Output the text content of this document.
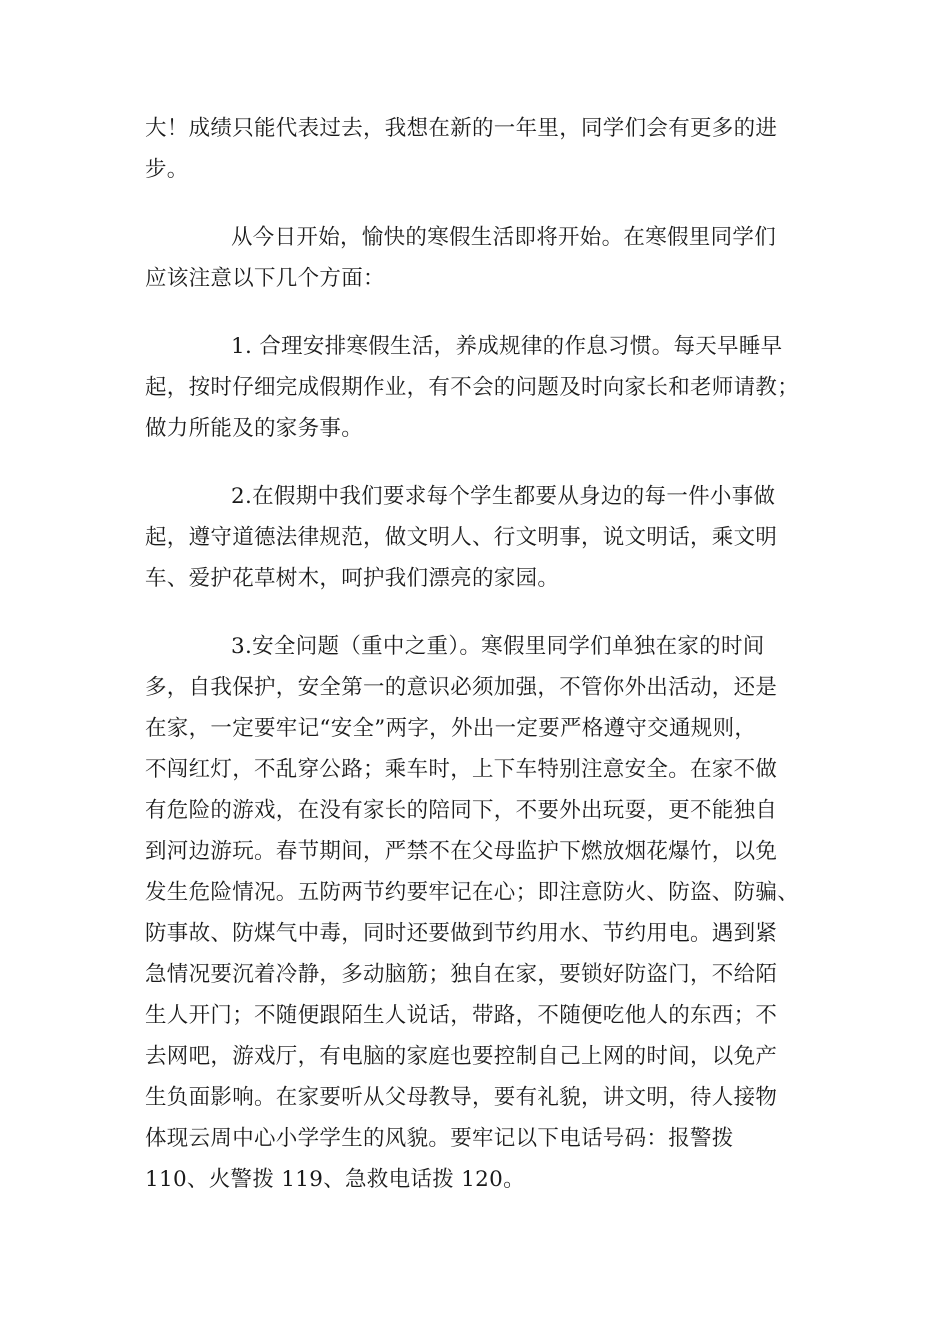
大！成绩只能代表过去，我想在新的一年里，同学们会有更多的进
步。
从今日开始，愉快的寒假生活即将开始。在寒假里同学们
应该注意以下几个方面：
1. 合理安排寒假生活，养成规律的作息习惯。每天早睡早
起，按时仔细完成假期作业，有不会的问题及时向家长和老师请教；
做力所能及的家务事。
2.在假期中我们要求每个学生都要从身边的每一件小事做
起，遵守道德法律规范，做文明人、行文明事，说文明话，乘文明
车、爱护花草树木，呵护我们漂亮的家园。
3.安全问题（重中之重）。寒假里同学们单独在家的时间
多，自我保护，安全第一的意识必须加强，不管你外出活动，还是
在家，一定要牢记“安全”两字，外出一定要严格遵守交通规则，
不闯红灯，不乱穿公路；乘车时，上下车特别注意安全。在家不做
有危险的游戏，在没有家长的陪同下，不要外出玩耍，更不能独自
到河边游玩。春节期间，严禁不在父母监护下燃放烟花爆竹，以免
发生危险情况。五防两节约要牢记在心；即注意防火、防盗、防骗、
防事故、防煤气中毒，同时还要做到节约用水、节约用电。遇到紧
急情况要沉着冷静，多动脑筋；独自在家，要锁好防盗门，不给陌
生人开门；不随便跟陌生人说话，带路，不随便吃他人的东西；不
去网吧，游戏厅，有电脑的家庭也要控制自己上网的时间，以免产
生负面影响。在家要听从父母教导，要有礼貌，讲文明，待人接物
体现云周中心小学学生的风貌。要牢记以下电话号码：报警拨
110、火警拨 119、急救电话拨 120。
